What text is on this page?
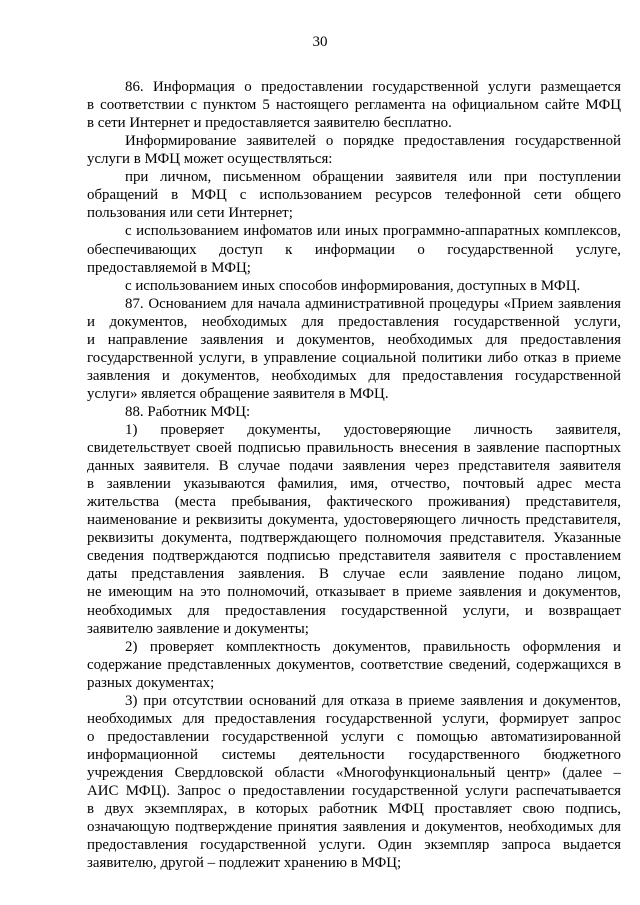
30
86. Информация о предоставлении государственной услуги размещается
в соответствии с пунктом 5 настоящего регламента на официальном сайте МФЦ
в сети Интернет и предоставляется заявителю бесплатно.
Информирование заявителей о порядке предоставления государственной
услуги в МФЦ может осуществляться:
при личном, письменном обращении заявителя или при поступлении
обращений в МФЦ с использованием ресурсов телефонной сети общего
пользования или сети Интернет;
с использованием инфоматов или иных программно-аппаратных комплексов,
обеспечивающих доступ к информации о государственной услуге,
предоставляемой в МФЦ;
с использованием иных способов информирования, доступных в МФЦ.
87. Основанием для начала административной процедуры «Прием заявления
и документов, необходимых для предоставления государственной услуги,
и направление заявления и документов, необходимых для предоставления
государственной услуги, в управление социальной политики либо отказ в приеме
заявления и документов, необходимых для предоставления государственной
услуги» является обращение заявителя в МФЦ.
88. Работник МФЦ:
1) проверяет документы, удостоверяющие личность заявителя,
свидетельствует своей подписью правильность внесения в заявление паспортных
данных заявителя. В случае подачи заявления через представителя заявителя
в заявлении указываются фамилия, имя, отчество, почтовый адрес места
жительства (места пребывания, фактического проживания) представителя,
наименование и реквизиты документа, удостоверяющего личность представителя,
реквизиты документа, подтверждающего полномочия представителя. Указанные
сведения подтверждаются подписью представителя заявителя с проставлением
даты представления заявления. В случае если заявление подано лицом,
не имеющим на это полномочий, отказывает в приеме заявления и документов,
необходимых для предоставления государственной услуги, и возвращает
заявителю заявление и документы;
2) проверяет комплектность документов, правильность оформления и
содержание представленных документов, соответствие сведений, содержащихся в
разных документах;
3) при отсутствии оснований для отказа в приеме заявления и документов,
необходимых для предоставления государственной услуги, формирует запрос
о предоставлении государственной услуги с помощью автоматизированной
информационной системы деятельности государственного бюджетного
учреждения Свердловской области «Многофункциональный центр» (далее –
АИС МФЦ). Запрос о предоставлении государственной услуги распечатывается
в двух экземплярах, в которых работник МФЦ проставляет свою подпись,
означающую подтверждение принятия заявления и документов, необходимых для
предоставления государственной услуги. Один экземпляр запроса выдается
заявителю, другой – подлежит хранению в МФЦ;
